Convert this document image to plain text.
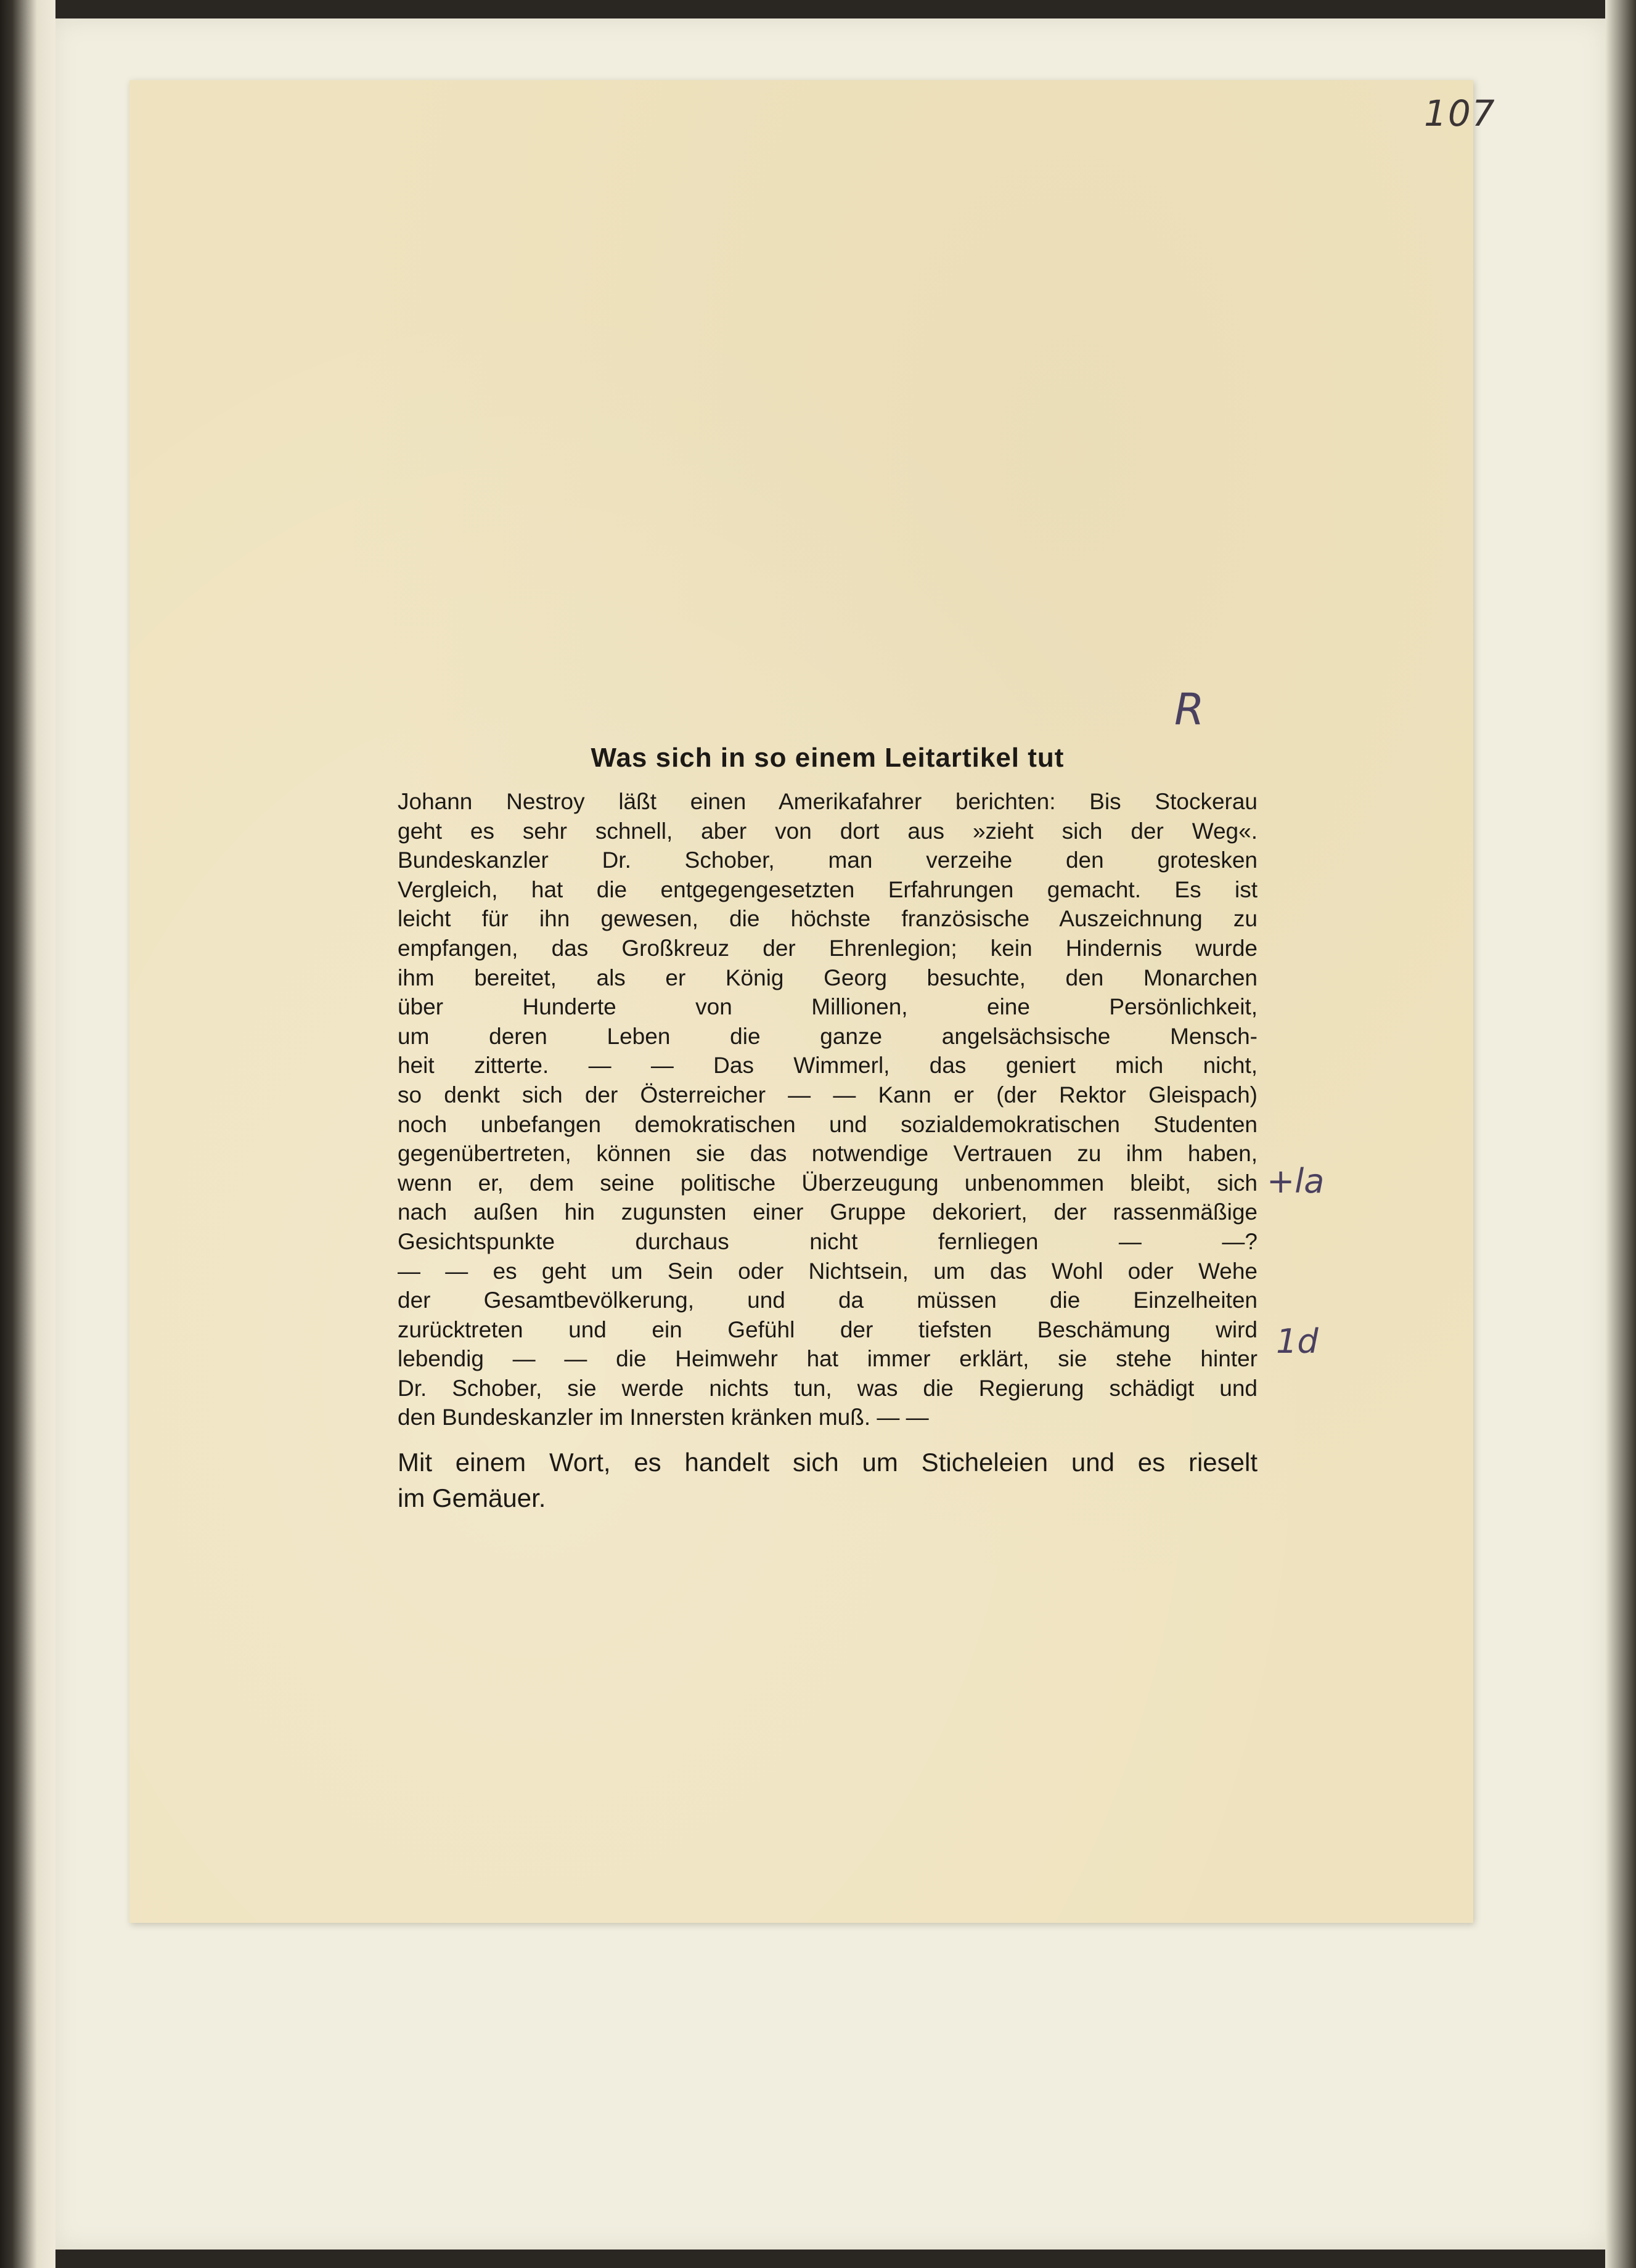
107
R
+la
1d
Was sich in so einem Leitartikel tut
Johann Nestroy läßt einen Amerikafahrer berichten: Bis Stockerau
geht es sehr schnell, aber von dort aus »zieht sich der Weg«.
Bundeskanzler Dr. Schober, man verzeihe den grotesken
Vergleich, hat die entgegengesetzten Erfahrungen gemacht. Es ist
leicht für ihn gewesen, die höchste französische Auszeichnung zu
empfangen, das Großkreuz der Ehrenlegion; kein Hindernis wurde
ihm bereitet, als er König Georg besuchte, den Monarchen
über Hunderte von Millionen, eine Persönlichkeit,
um deren Leben die ganze angelsächsische Mensch-
heit zitterte. — — Das Wimmerl, das geniert mich nicht,
so denkt sich der Österreicher — — Kann er (der Rektor Gleispach)
noch unbefangen demokratischen und sozialdemokratischen Studenten
gegenübertreten, können sie das notwendige Vertrauen zu ihm haben,
wenn er, dem seine politische Überzeugung unbenommen bleibt, sich
nach außen hin zugunsten einer Gruppe dekoriert, der rassenmäßige
Gesichtspunkte durchaus nicht fernliegen — —?
— — es geht um Sein oder Nichtsein, um das Wohl oder Wehe
der Gesamtbevölkerung, und da müssen die Einzelheiten
zurücktreten und ein Gefühl der tiefsten Beschämung wird
lebendig — — die Heimwehr hat immer erklärt, sie stehe hinter
Dr. Schober, sie werde nichts tun, was die Regierung schädigt und
den Bundeskanzler im Innersten kränken muß. — —
Mit einem Wort, es handelt sich um Sticheleien und es rieselt
im Gemäuer.
